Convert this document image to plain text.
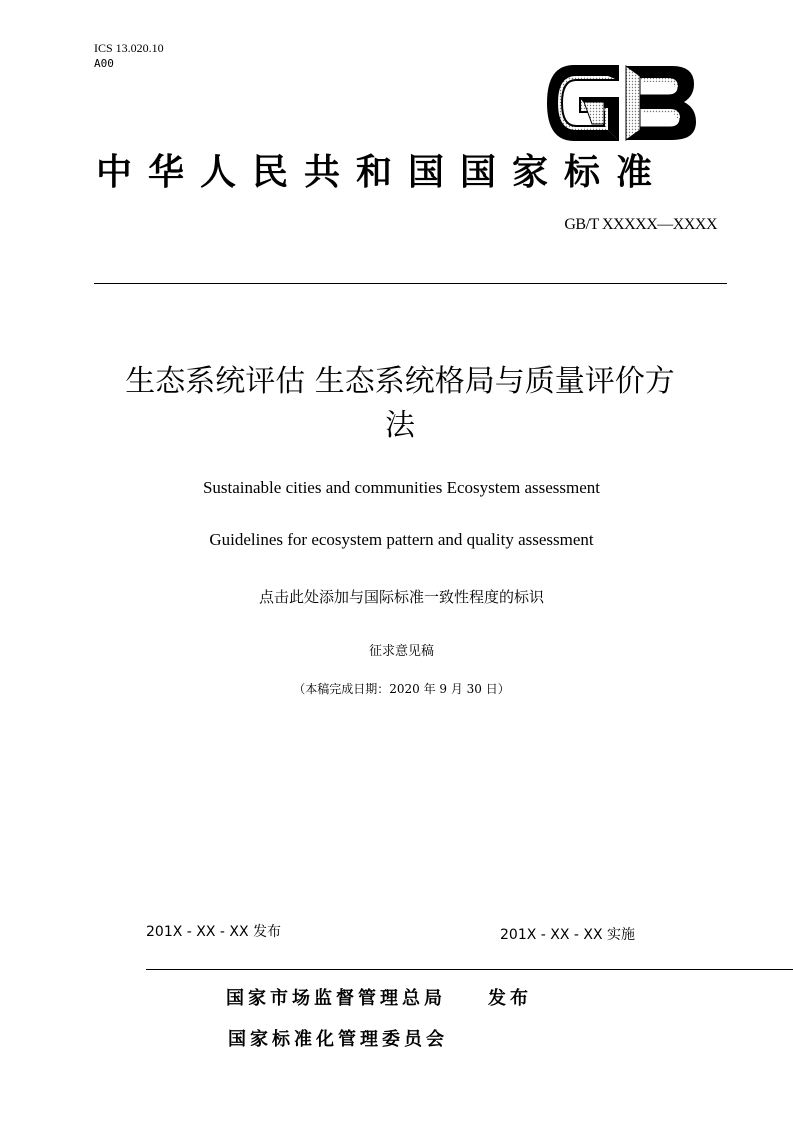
ICS 13.020.10
A00
中华人民共和国国家标准
GB/T XXXXX—XXXX
生态系统评估 生态系统格局与质量评价方
法
Sustainable cities and communities Ecosystem assessment
Guidelines for ecosystem pattern and quality assessment
点击此处添加与国际标准一致性程度的标识
征求意见稿
（本稿完成日期：2020 年 9 月 30 日）
201X - XX - XX 发布	201X - XX - XX 实施
国家市场监督管理总局 发布
国家标准化管理委员会
